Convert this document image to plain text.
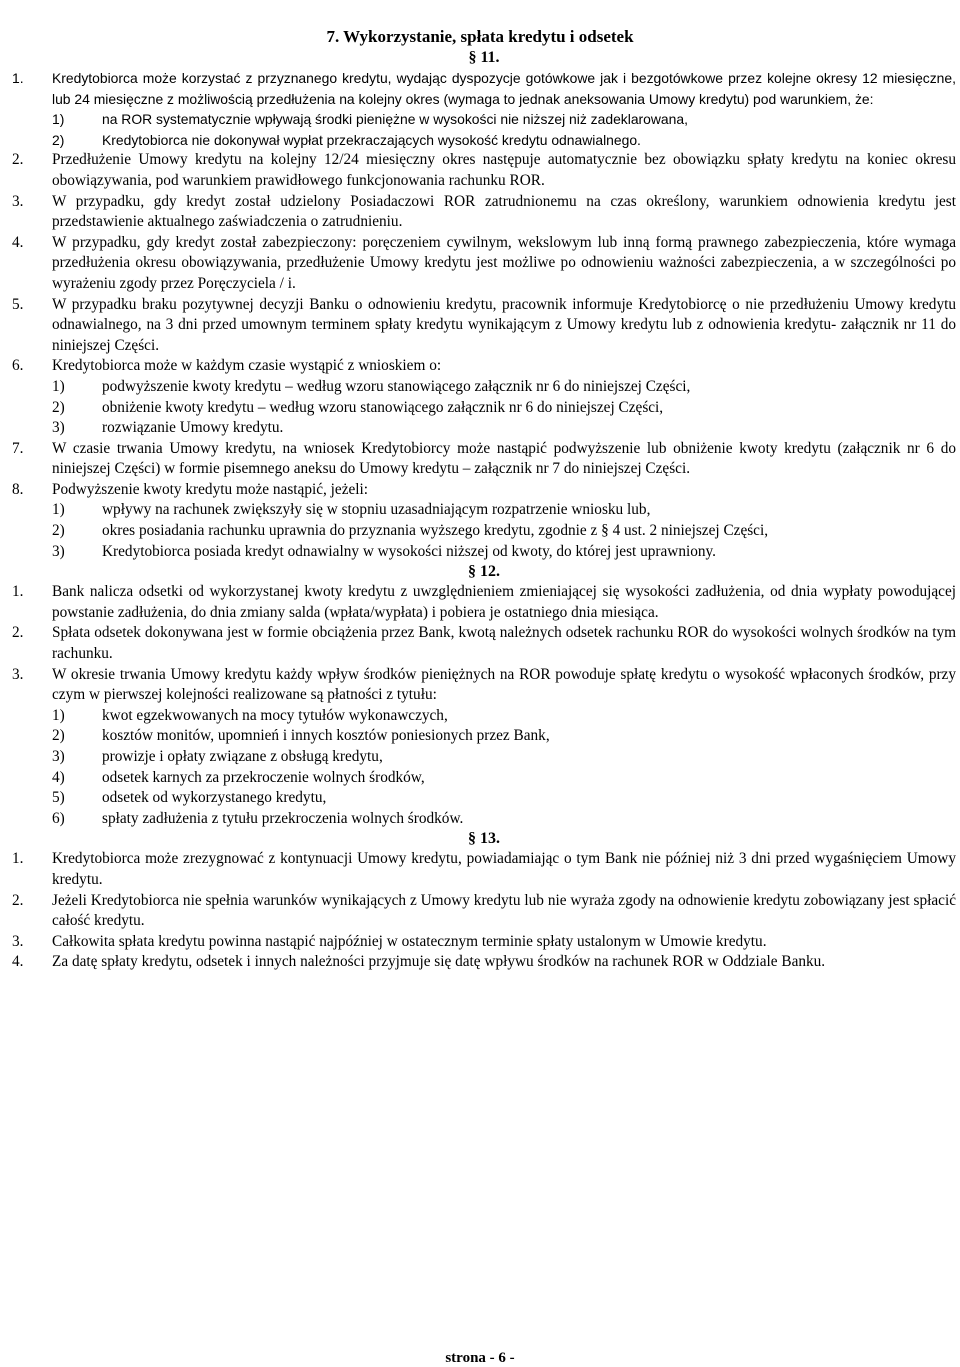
7. Wykorzystanie, spłata kredytu i odsetek
§ 11.
1. Kredytobiorca może korzystać z przyznanego kredytu, wydając dyspozycje gotówkowe jak i bezgotówkowe przez kolejne okresy 12 miesięczne, lub 24 miesięczne z możliwością przedłużenia na kolejny okres (wymaga to jednak aneksowania Umowy kredytu) pod warunkiem, że:
1)	na ROR systematycznie wpływają środki pieniężne w wysokości nie niższej niż zadeklarowana,
2)	Kredytobiorca nie dokonywał wypłat przekraczających wysokość kredytu odnawialnego.
2. Przedłużenie Umowy kredytu na kolejny 12/24 miesięczny okres następuje automatycznie bez obowiązku spłaty kredytu na koniec okresu obowiązywania, pod warunkiem prawidłowego funkcjonowania rachunku ROR.
3. W przypadku, gdy kredyt został udzielony Posiadaczowi ROR zatrudnionemu na czas określony, warunkiem odnowienia kredytu jest przedstawienie aktualnego zaświadczenia o zatrudnieniu.
4. W przypadku, gdy kredyt został zabezpieczony: poręczeniem cywilnym, wekslowym lub inną formą prawnego zabezpieczenia, które wymaga przedłużenia okresu obowiązywania, przedłużenie Umowy kredytu jest możliwe po odnowieniu ważności zabezpieczenia, a w szczególności po wyrażeniu zgody przez Poręczyciela / i.
5. W przypadku braku pozytywnej decyzji Banku o odnowieniu kredytu, pracownik informuje Kredytobiorcę o nie przedłużeniu Umowy kredytu odnawialnego, na 3 dni przed umownym terminem spłaty kredytu wynikającym z Umowy kredytu lub z odnowienia kredytu- załącznik nr 11 do niniejszej Części.
6. Kredytobiorca może w każdym czasie wystąpić z wnioskiem o:
1) podwyższenie kwoty kredytu – według wzoru stanowiącego załącznik nr 6 do niniejszej Części,
2) obniżenie kwoty kredytu – według wzoru stanowiącego załącznik nr 6 do niniejszej Części,
3) rozwiązanie Umowy kredytu.
7. W czasie trwania Umowy kredytu, na wniosek Kredytobiorcy może nastąpić podwyższenie lub obniżenie kwoty kredytu (załącznik nr 6 do niniejszej Części) w formie pisemnego aneksu do Umowy kredytu – załącznik nr 7 do niniejszej Części.
8. Podwyższenie kwoty kredytu może nastąpić, jeżeli:
1) wpływy na rachunek zwiększyły się w stopniu uzasadniającym rozpatrzenie wniosku lub,
2) okres posiadania rachunku uprawnia do przyznania wyższego kredytu, zgodnie z § 4 ust. 2 niniejszej Części,
3) Kredytobiorca posiada kredyt odnawialny w wysokości niższej od kwoty, do której jest uprawniony.
§ 12.
1. Bank nalicza odsetki od wykorzystanej kwoty kredytu z uwzględnieniem zmieniającej się wysokości zadłużenia, od dnia wypłaty powodującej powstanie zadłużenia, do dnia zmiany salda (wpłata/wypłata) i pobiera je ostatniego dnia miesiąca.
2. Spłata odsetek dokonywana jest w formie obciążenia przez Bank, kwotą należnych odsetek rachunku ROR do wysokości wolnych środków na tym rachunku.
3. W okresie trwania Umowy kredytu każdy wpływ środków pieniężnych na ROR powoduje spłatę kredytu o wysokość wpłaconych środków, przy czym w pierwszej kolejności realizowane są płatności z tytułu:
1) kwot egzekwowanych na mocy tytułów wykonawczych,
2) kosztów monitów, upomnień i innych kosztów poniesionych przez Bank,
3) prowizje i opłaty związane z obsługą kredytu,
4) odsetek karnych za przekroczenie wolnych środków,
5) odsetek od wykorzystanego kredytu,
6) spłaty zadłużenia z tytułu przekroczenia wolnych środków.
§ 13.
1. Kredytobiorca może zrezygnować z kontynuacji Umowy kredytu, powiadamiając o tym Bank nie później niż 3 dni przed wygaśnięciem Umowy kredytu.
2. Jeżeli Kredytobiorca nie spełnia warunków wynikających z Umowy kredytu lub nie wyraża zgody na odnowienie kredytu zobowiązany jest spłacić całość kredytu.
3. Całkowita spłata kredytu powinna nastąpić najpóźniej w ostatecznym terminie spłaty ustalonym w Umowie kredytu.
4. Za datę spłaty kredytu, odsetek i innych należności przyjmuje się datę wpływu środków na rachunek ROR w Oddziale Banku.
strona - 6 -
